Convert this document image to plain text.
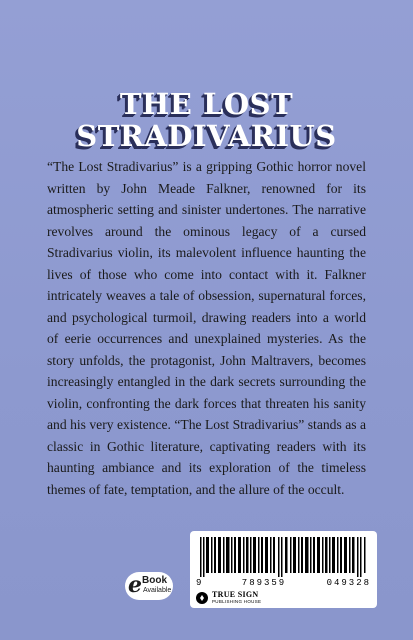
THE LOST
STRADIVARIUS

“The Lost Stradivarius” is a gripping Gothic horror novel written by John Meade Falkner, renowned for its atmospheric setting and sinister undertones. The narrative revolves around the ominous legacy of a cursed Stradivarius violin, its malevolent influence haunting the lives of those who come into contact with it. Falkner intricately weaves a tale of obsession, supernatural forces, and psychological turmoil, drawing readers into a world of eerie occurrences and unexplained mysteries. As the story unfolds, the protagonist, John Maltravers, becomes increasingly entangled in the dark secrets surrounding the violin, confronting the dark forces that threaten his sanity and his very existence. “The Lost Stradivarius” stands as a classic in Gothic literature, captivating readers with its haunting ambiance and its exploration of the timeless themes of fate, temptation, and the allure of the occult.

e Book
Available
9	789359	049328
TRUE SIGN
PUBLISHING HOUSE
